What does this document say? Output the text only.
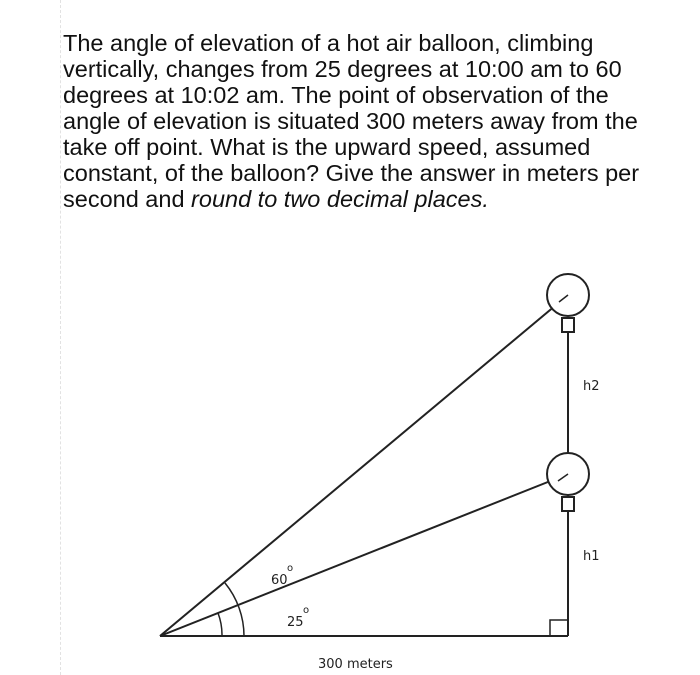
The angle of elevation of a hot air balloon, climbing vertically, changes from 25 degrees at 10:00 am to 60 degrees at 10:02 am. The point of observation of the angle of elevation is situated 300 meters away from the take off point. What is the upward speed, assumed constant, of the balloon? Give the answer in meters per second and round to two decimal places.

60
o
25
o
h2
h1
300 meters
